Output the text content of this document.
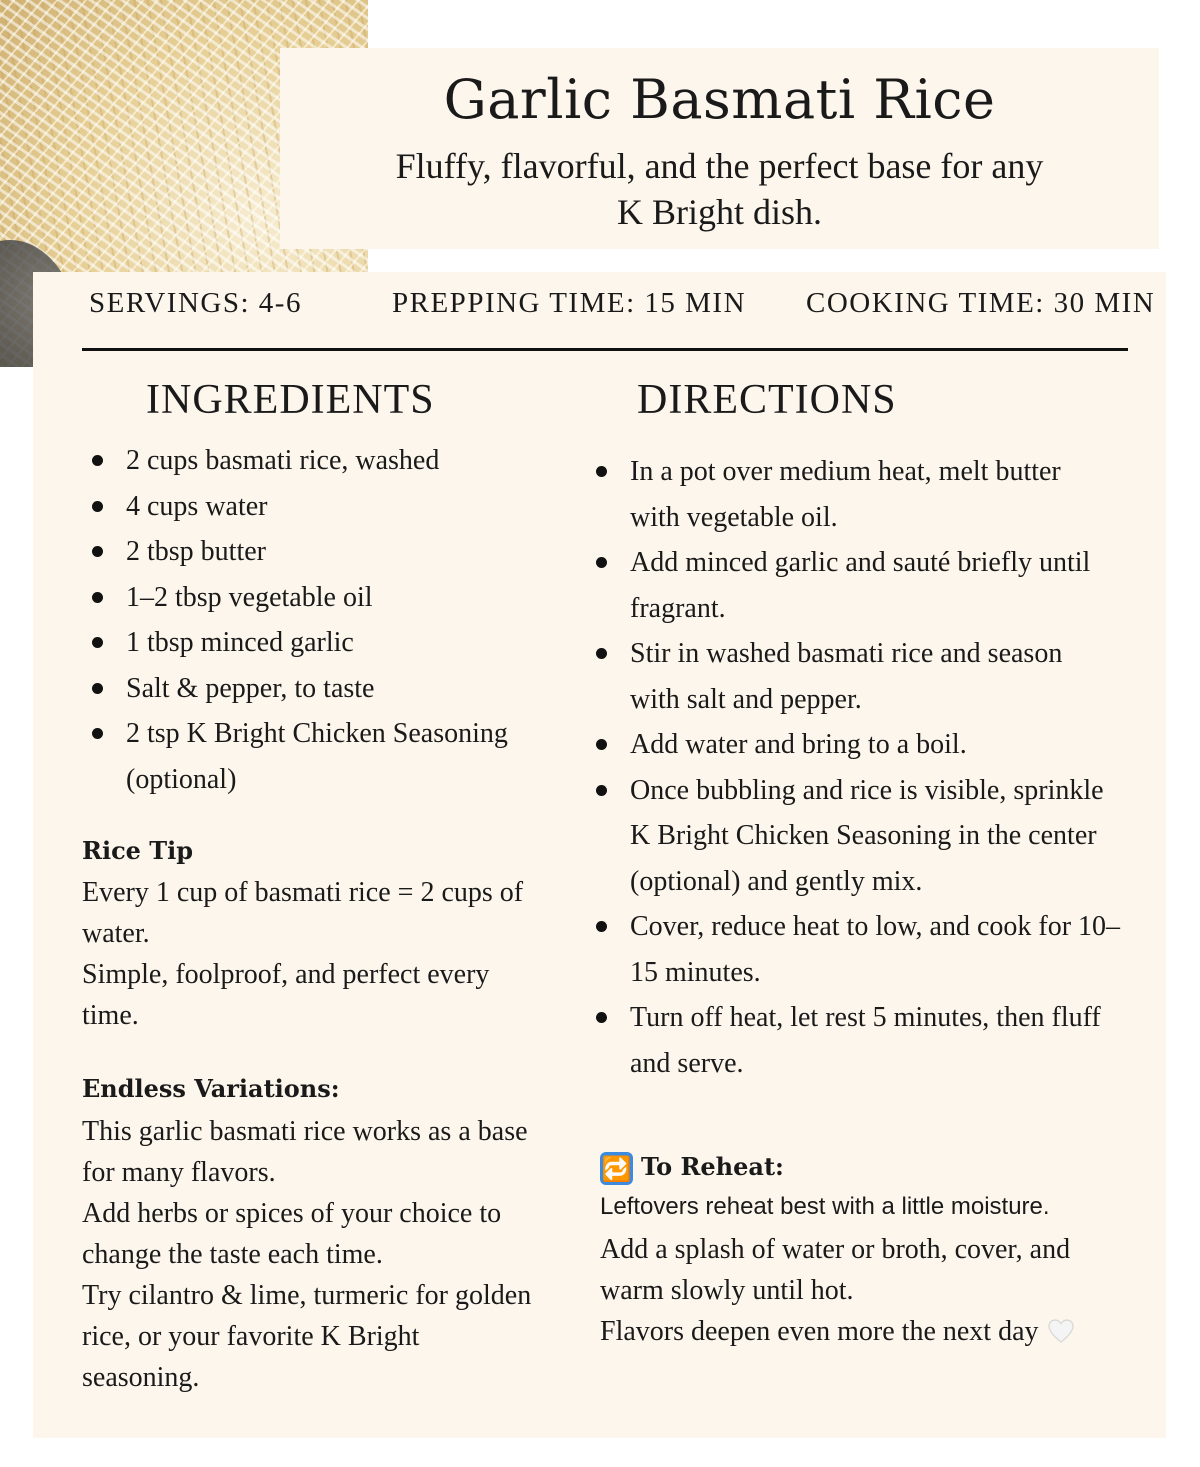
Garlic Basmati Rice
Fluffy, flavorful, and the perfect base for any K Bright dish.
SERVINGS: 4-6	PREPPING TIME: 15 MIN COOKING TIME: 30 MIN
INGREDIENTS	DIRECTIONS
2 cups basmati rice, washed
4 cups water
2 tbsp butter
1–2 tbsp vegetable oil
1 tbsp minced garlic
Salt & pepper, to taste
2 tsp K Bright Chicken Seasoning (optional)
In a pot over medium heat, melt butter with vegetable oil.
Add minced garlic and sauté briefly until fragrant.
Stir in washed basmati rice and season with salt and pepper.
Add water and bring to a boil.
Once bubbling and rice is visible, sprinkle K Bright Chicken Seasoning in the center (optional) and gently mix.
Cover, reduce heat to low, and cook for 10–15 minutes.
Turn off heat, let rest 5 minutes, then fluff and serve.
Rice Tip

Every 1 cup of basmati rice = 2 cups of water.

Simple, foolproof, and perfect every time.

Endless Variations:

This garlic basmati rice works as a base for many flavors.

Add herbs or spices of your choice to change the taste each time.

Try cilantro & lime, turmeric for golden rice, or your favorite K Bright seasoning.

🔁 To Reheat:
Leftovers reheat best with a little moisture.

Add a splash of water or broth, cover, and warm slowly until hot.

Flavors deepen even more the next day
